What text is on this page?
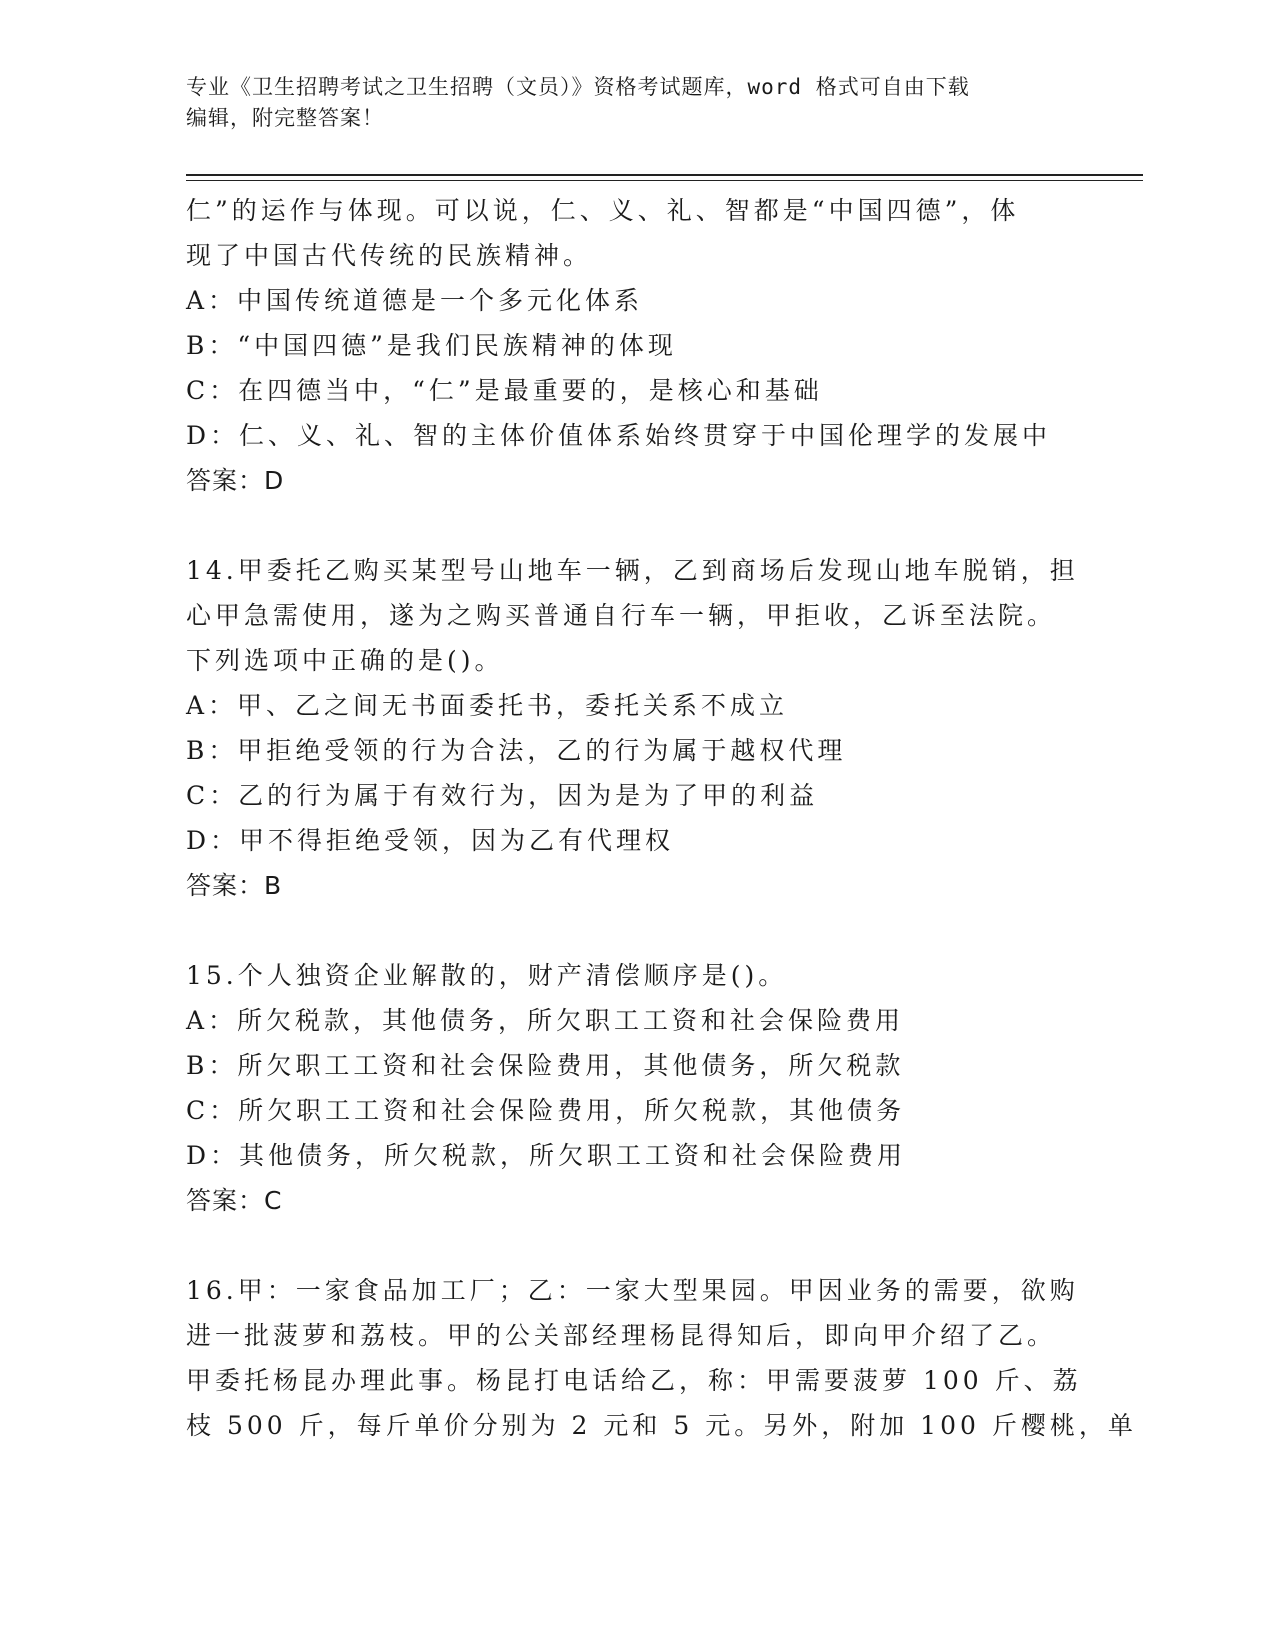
专业《卫生招聘考试之卫生招聘（文员）》资格考试题库，word 格式可自由下载
编辑，附完整答案！
仁”的运作与体现。可以说，仁、义、礼、智都是“中国四德”，体
现了中国古代传统的民族精神。
A：中国传统道德是一个多元化体系
B：“中国四德”是我们民族精神的体现
C：在四德当中，“仁”是最重要的，是核心和基础
D：仁、义、礼、智的主体价值体系始终贯穿于中国伦理学的发展中
答案：D
14.甲委托乙购买某型号山地车一辆，乙到商场后发现山地车脱销，担
心甲急需使用，遂为之购买普通自行车一辆，甲拒收，乙诉至法院。
下列选项中正确的是()。
A：甲、乙之间无书面委托书，委托关系不成立
B：甲拒绝受领的行为合法，乙的行为属于越权代理
C：乙的行为属于有效行为，因为是为了甲的利益
D：甲不得拒绝受领，因为乙有代理权
答案：B
15.个人独资企业解散的，财产清偿顺序是()。
A：所欠税款，其他债务，所欠职工工资和社会保险费用
B：所欠职工工资和社会保险费用，其他债务，所欠税款
C：所欠职工工资和社会保险费用，所欠税款，其他债务
D：其他债务，所欠税款，所欠职工工资和社会保险费用
答案：C
16.甲：一家食品加工厂；乙：一家大型果园。甲因业务的需要，欲购
进一批菠萝和荔枝。甲的公关部经理杨昆得知后，即向甲介绍了乙。
甲委托杨昆办理此事。杨昆打电话给乙，称：甲需要菠萝 100 斤、荔
枝 500 斤，每斤单价分别为 2 元和 5 元。另外，附加 100 斤樱桃，单
